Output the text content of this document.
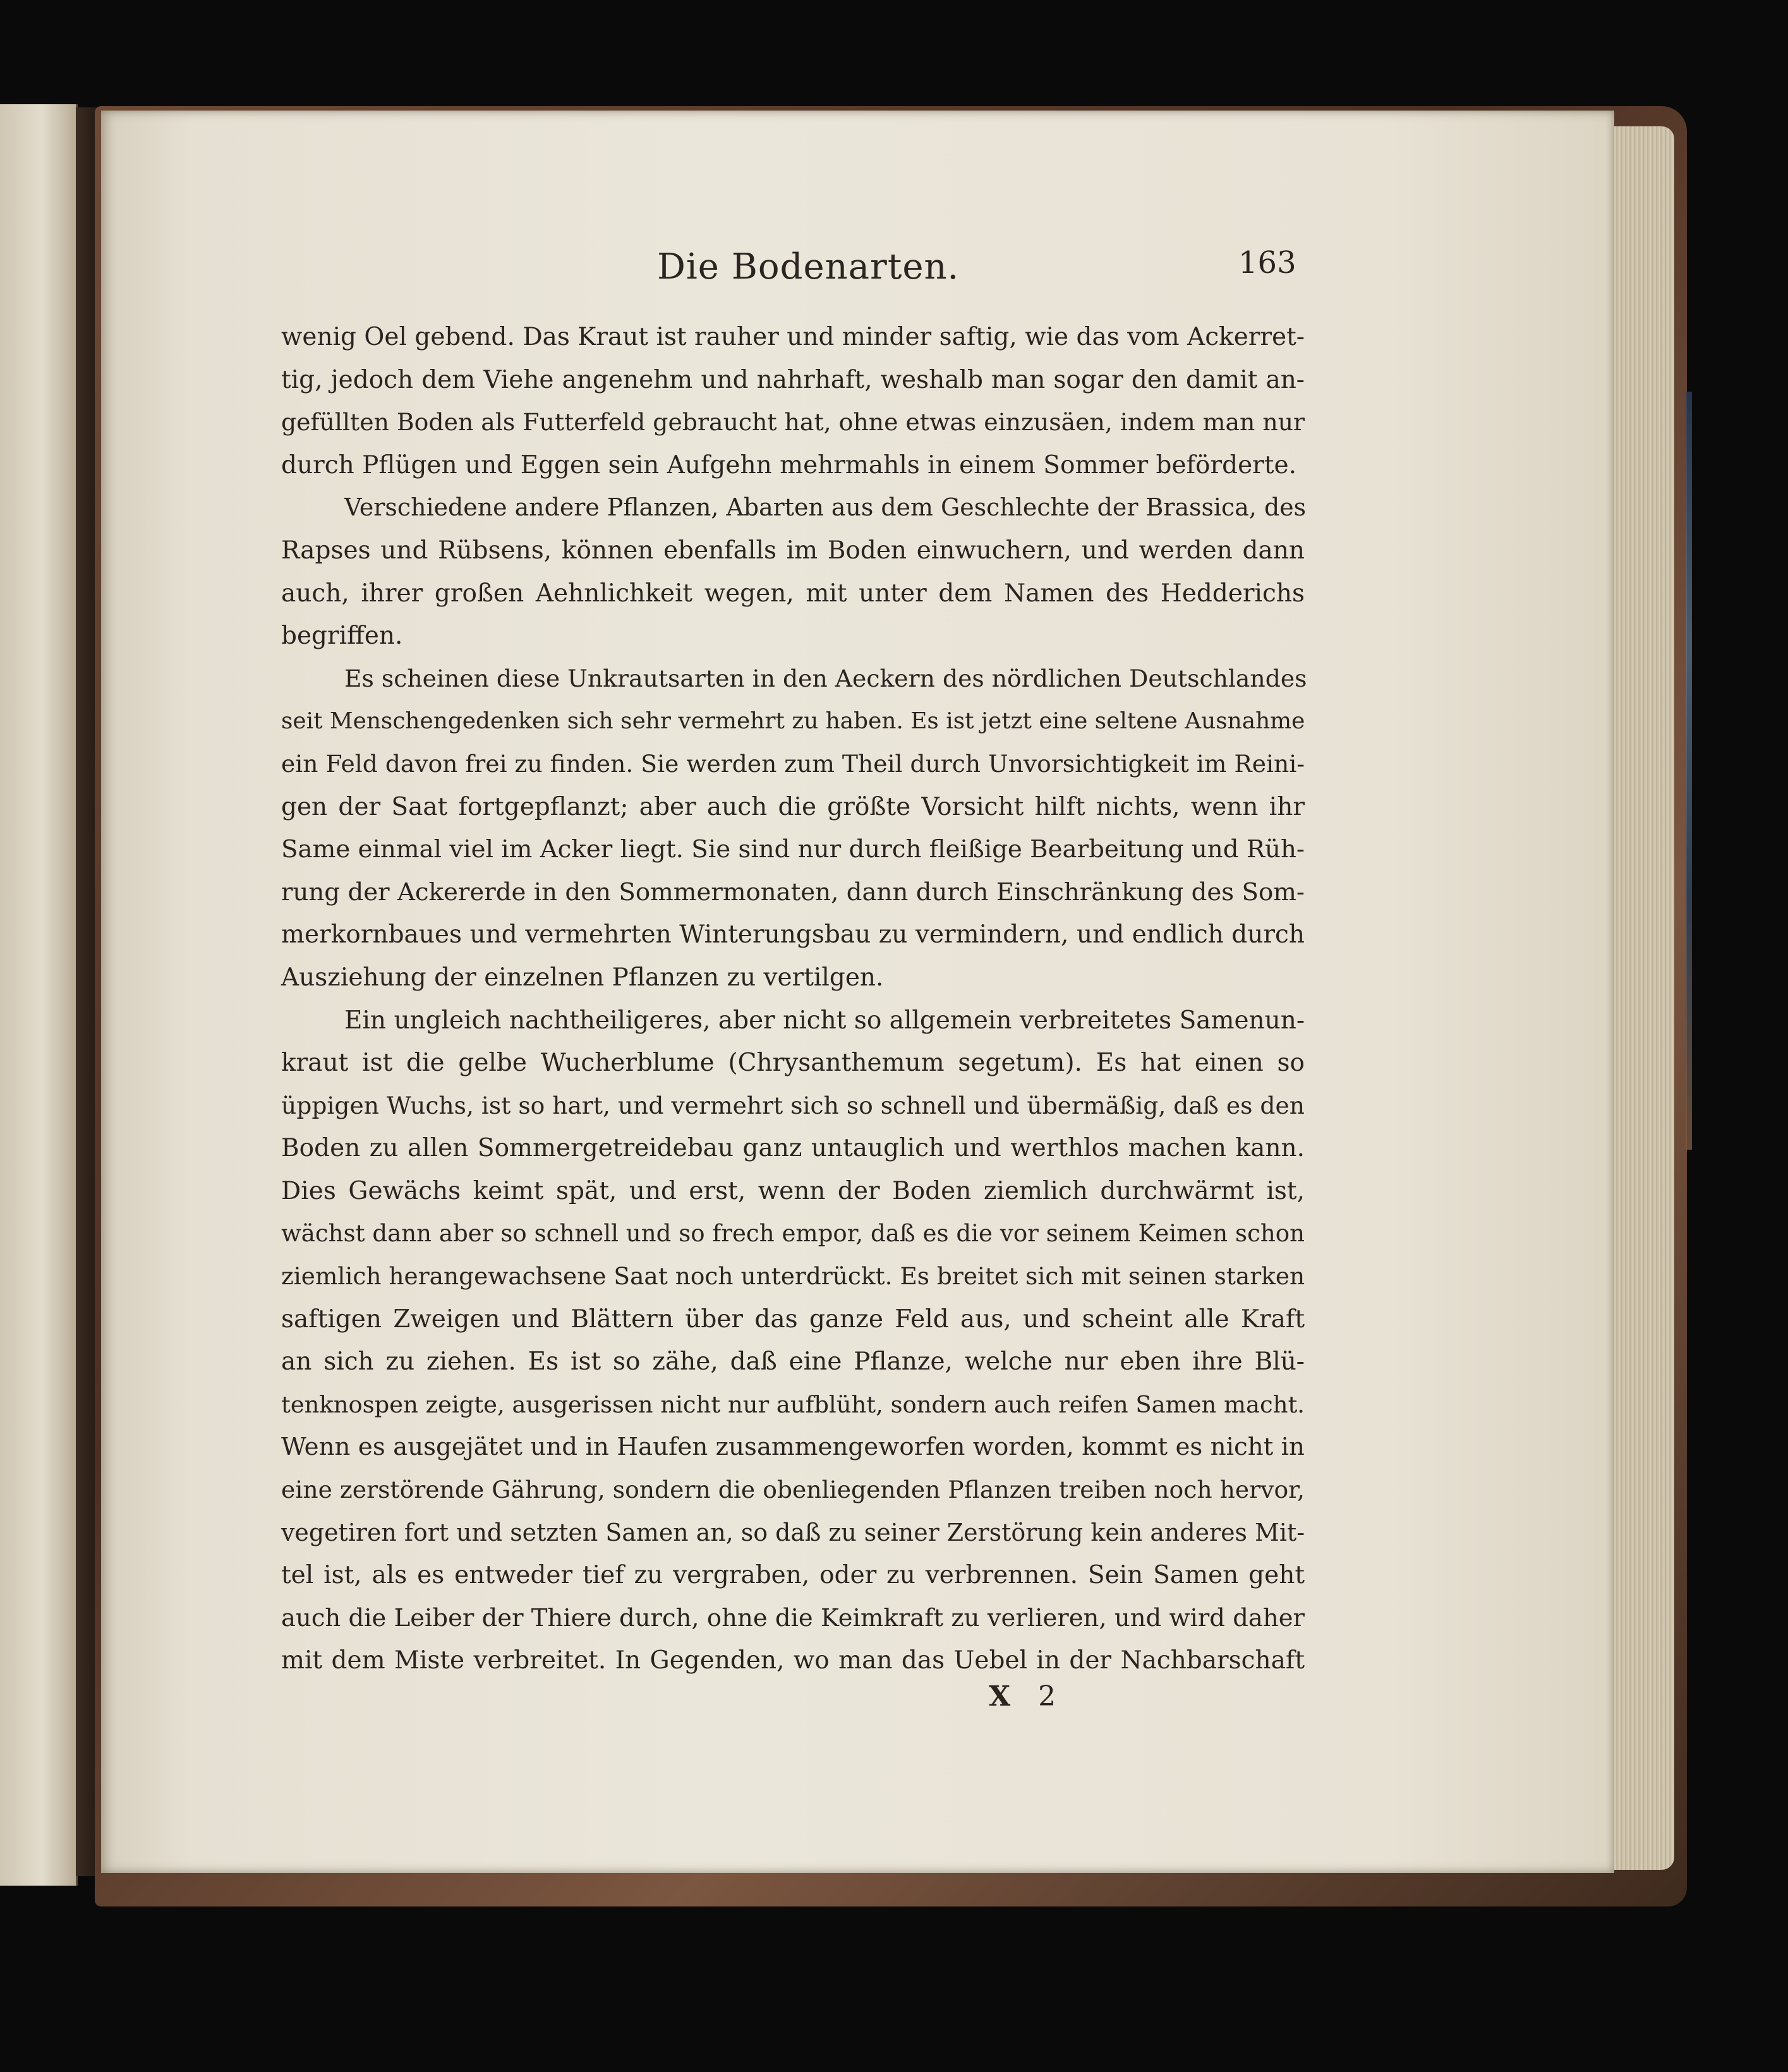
Die Bodenarten.	163
wenig Oel gebend. Das Kraut ist rauher und minder saftig, wie das vom Ackerret-
tig, jedoch dem Viehe angenehm und nahrhaft, weshalb man sogar den damit an-
gefüllten Boden als Futterfeld gebraucht hat, ohne etwas einzusäen, indem man nur
durch Pflügen und Eggen sein Aufgehn mehrmahls in einem Sommer beförderte.
Verschiedene andere Pflanzen, Abarten aus dem Geschlechte der Brassica, des
Rapses und Rübsens, können ebenfalls im Boden einwuchern, und werden dann
auch, ihrer großen Aehnlichkeit wegen, mit unter dem Namen des Hedderichs
begriffen.
Es scheinen diese Unkrautsarten in den Aeckern des nördlichen Deutschlandes
seit Menschengedenken sich sehr vermehrt zu haben. Es ist jetzt eine seltene Ausnahme
ein Feld davon frei zu finden. Sie werden zum Theil durch Unvorsichtigkeit im Reini-
gen der Saat fortgepflanzt; aber auch die größte Vorsicht hilft nichts, wenn ihr
Same einmal viel im Acker liegt. Sie sind nur durch fleißige Bearbeitung und Rüh-
rung der Ackererde in den Sommermonaten, dann durch Einschränkung des Som-
merkornbaues und vermehrten Winterungsbau zu vermindern, und endlich durch
Ausziehung der einzelnen Pflanzen zu vertilgen.
Ein ungleich nachtheiligeres, aber nicht so allgemein verbreitetes Samenun-
kraut ist die gelbe Wucherblume (Chrysanthemum segetum). Es hat einen so
üppigen Wuchs, ist so hart, und vermehrt sich so schnell und übermäßig, daß es den
Boden zu allen Sommergetreidebau ganz untauglich und werthlos machen kann.
Dies Gewächs keimt spät, und erst, wenn der Boden ziemlich durchwärmt ist,
wächst dann aber so schnell und so frech empor, daß es die vor seinem Keimen schon
ziemlich herangewachsene Saat noch unterdrückt. Es breitet sich mit seinen starken
saftigen Zweigen und Blättern über das ganze Feld aus, und scheint alle Kraft
an sich zu ziehen. Es ist so zähe, daß eine Pflanze, welche nur eben ihre Blü-
tenknospen zeigte, ausgerissen nicht nur aufblüht, sondern auch reifen Samen macht.
Wenn es ausgejätet und in Haufen zusammengeworfen worden, kommt es nicht in
eine zerstörende Gährung, sondern die obenliegenden Pflanzen treiben noch hervor,
vegetiren fort und setzten Samen an, so daß zu seiner Zerstörung kein anderes Mit-
tel ist, als es entweder tief zu vergraben, oder zu verbrennen. Sein Samen geht
auch die Leiber der Thiere durch, ohne die Keimkraft zu verlieren, und wird daher
mit dem Miste verbreitet. In Gegenden, wo man das Uebel in der Nachbarschaft
X 2
